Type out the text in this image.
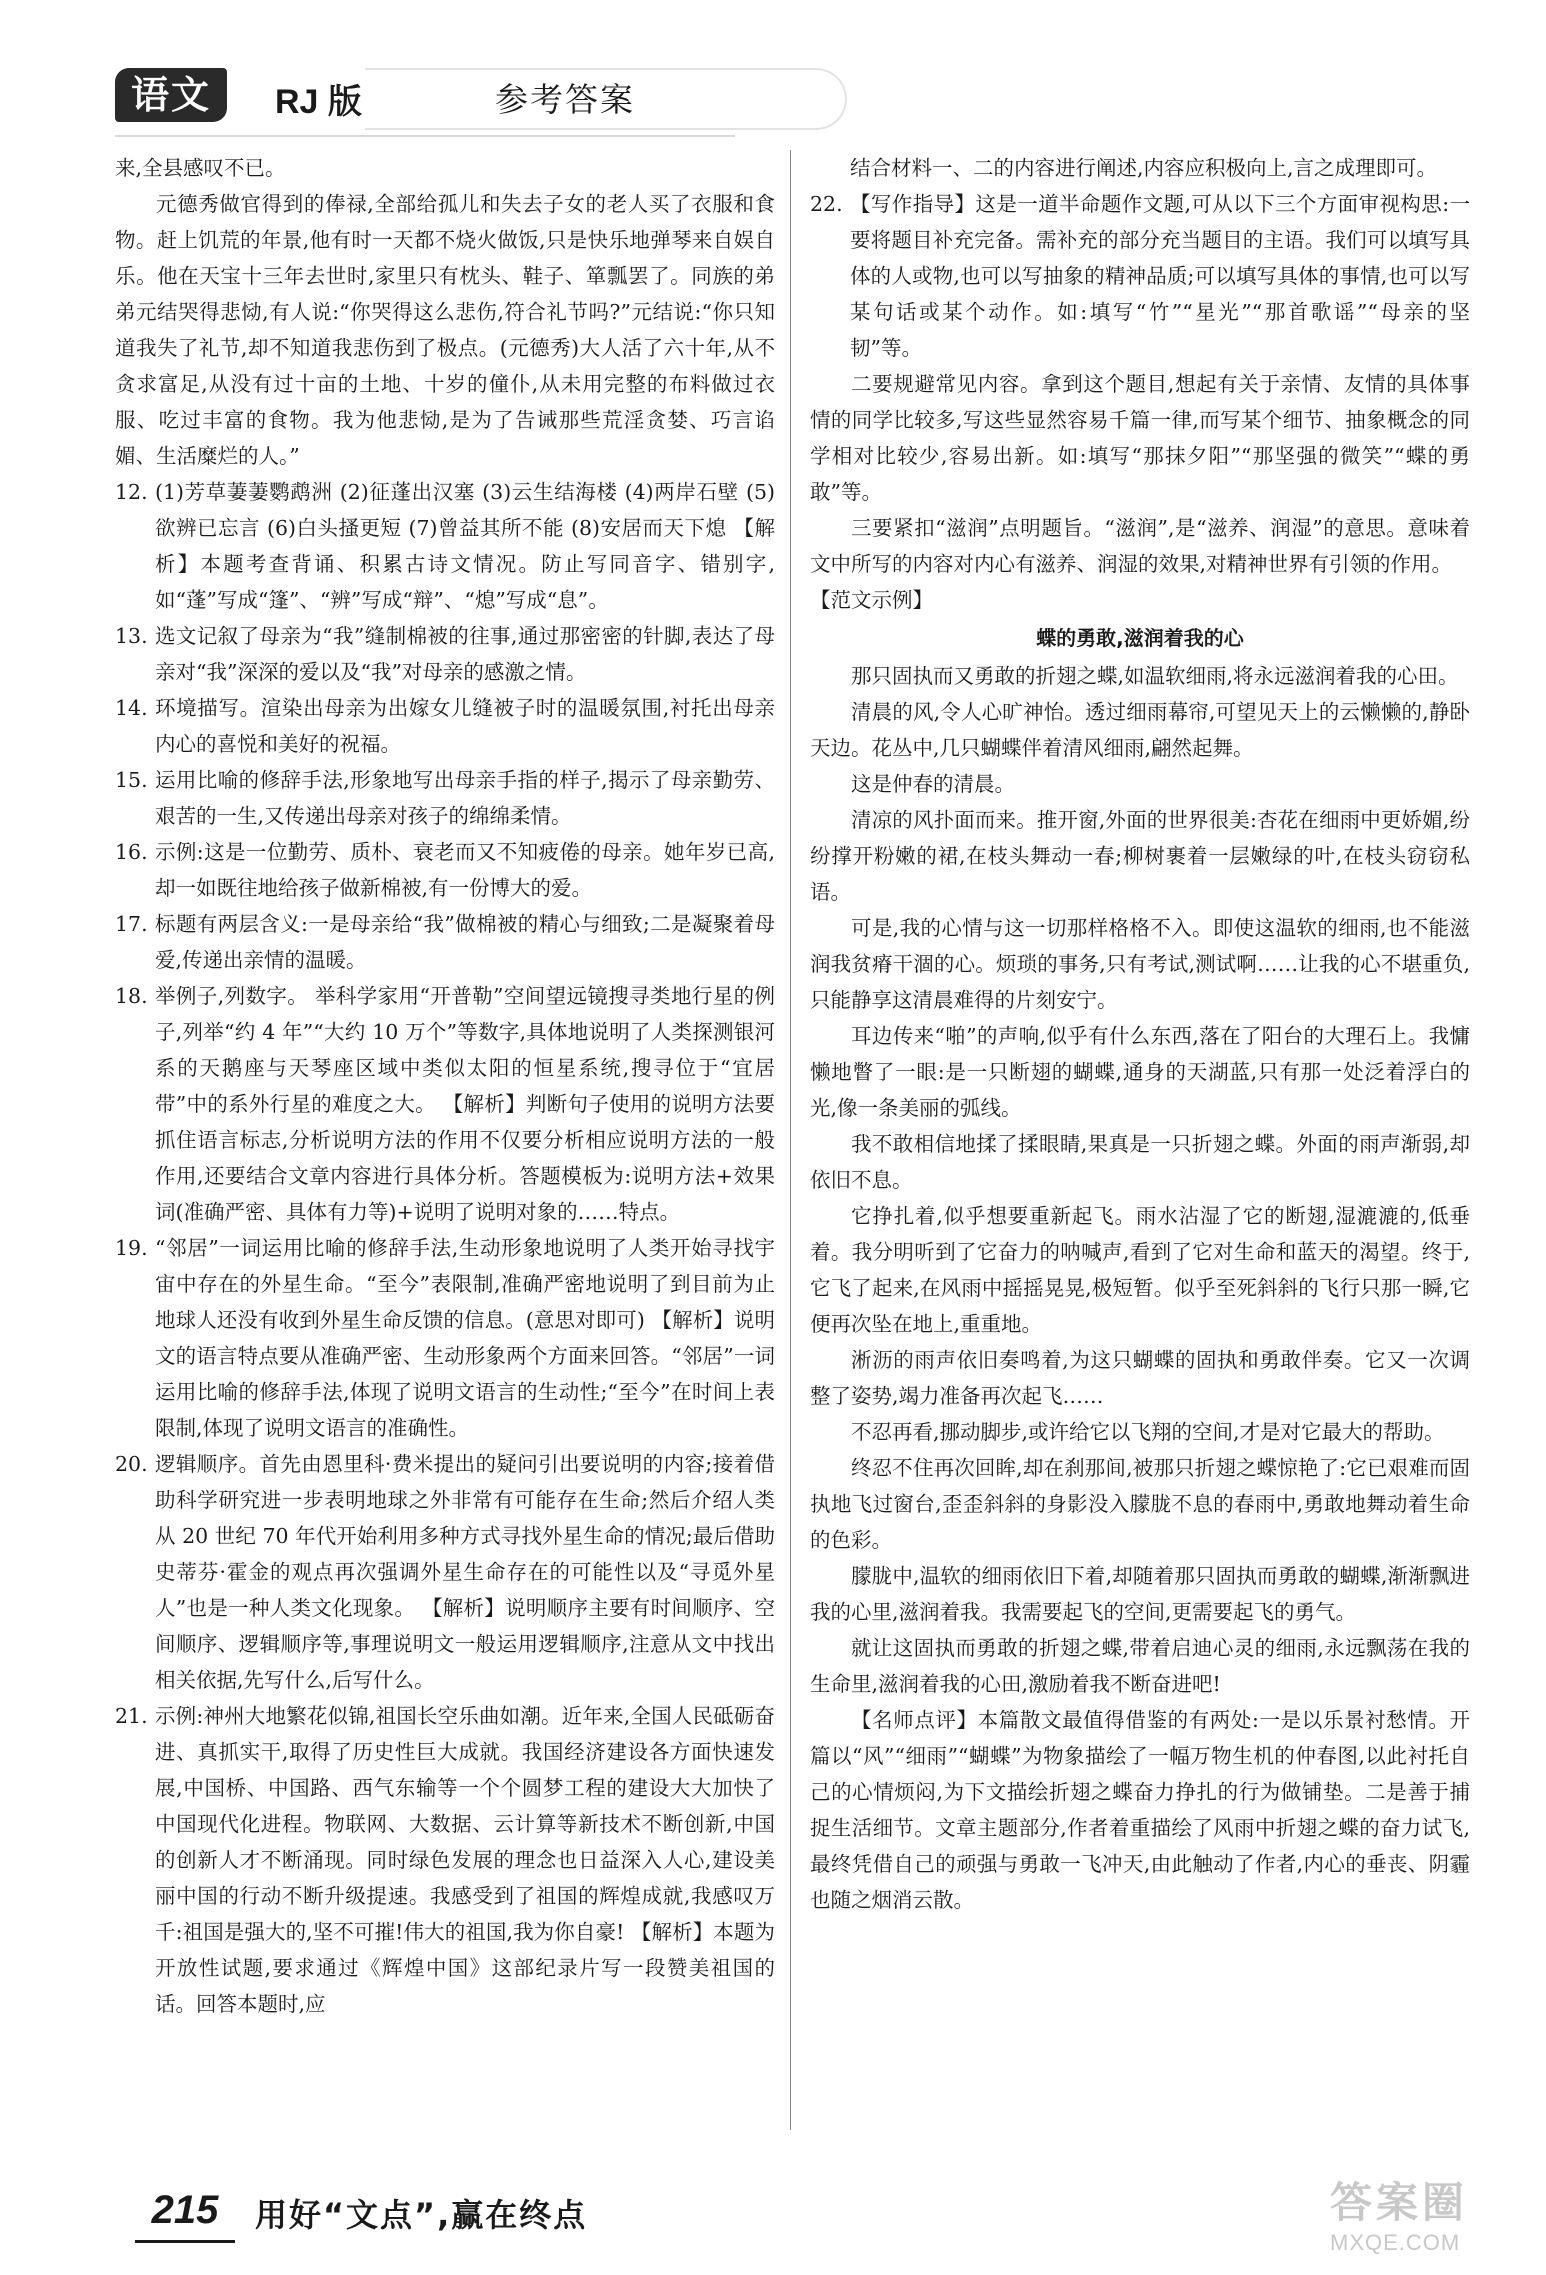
语文	RJ 版	参考答案

来,全县感叹不已。

元德秀做官得到的俸禄,全部给孤儿和失去子女的老人买了衣服和食物。赶上饥荒的年景,他有时一天都不烧火做饭,只是快乐地弹琴来自娱自乐。他在天宝十三年去世时,家里只有枕头、鞋子、箪瓢罢了。同族的弟弟元结哭得悲恸,有人说:“你哭得这么悲伤,符合礼节吗?”元结说:“你只知道我失了礼节,却不知道我悲伤到了极点。(元德秀)大人活了六十年,从不贪求富足,从没有过十亩的土地、十岁的僮仆,从未用完整的布料做过衣服、吃过丰富的食物。我为他悲恸,是为了告诫那些荒淫贪婪、巧言谄媚、生活糜烂的人。”

12. (1)芳草萋萋鹦鹉洲 (2)征蓬出汉塞 (3)云生结海楼 (4)两岸石壁 (5)欲辨已忘言 (6)白头搔更短 (7)曾益其所不能 (8)安居而天下熄 【解析】本题考查背诵、积累古诗文情况。防止写同音字、错别字,如“蓬”写成“篷”、“辨”写成“辩”、“熄”写成“息”。
13. 选文记叙了母亲为“我”缝制棉被的往事,通过那密密的针脚,表达了母亲对“我”深深的爱以及“我”对母亲的感激之情。
14. 环境描写。渲染出母亲为出嫁女儿缝被子时的温暖氛围,衬托出母亲内心的喜悦和美好的祝福。
15. 运用比喻的修辞手法,形象地写出母亲手指的样子,揭示了母亲勤劳、艰苦的一生,又传递出母亲对孩子的绵绵柔情。
16. 示例:这是一位勤劳、质朴、衰老而又不知疲倦的母亲。她年岁已高,却一如既往地给孩子做新棉被,有一份博大的爱。
17. 标题有两层含义:一是母亲给“我”做棉被的精心与细致;二是凝聚着母爱,传递出亲情的温暖。
18. 举例子,列数字。 举科学家用“开普勒”空间望远镜搜寻类地行星的例子,列举“约 4 年”“大约 10 万个”等数字,具体地说明了人类探测银河系的天鹅座与天琴座区域中类似太阳的恒星系统,搜寻位于“宜居带”中的系外行星的难度之大。 【解析】判断句子使用的说明方法要抓住语言标志,分析说明方法的作用不仅要分析相应说明方法的一般作用,还要结合文章内容进行具体分析。答题模板为:说明方法+效果词(准确严密、具体有力等)+说明了说明对象的……特点。
19. “邻居”一词运用比喻的修辞手法,生动形象地说明了人类开始寻找宇宙中存在的外星生命。“至今”表限制,准确严密地说明了到目前为止地球人还没有收到外星生命反馈的信息。(意思对即可) 【解析】说明文的语言特点要从准确严密、生动形象两个方面来回答。“邻居”一词运用比喻的修辞手法,体现了说明文语言的生动性;“至今”在时间上表限制,体现了说明文语言的准确性。
20. 逻辑顺序。首先由恩里科·费米提出的疑问引出要说明的内容;接着借助科学研究进一步表明地球之外非常有可能存在生命;然后介绍人类从 20 世纪 70 年代开始利用多种方式寻找外星生命的情况;最后借助史蒂芬·霍金的观点再次强调外星生命存在的可能性以及“寻觅外星人”也是一种人类文化现象。 【解析】说明顺序主要有时间顺序、空间顺序、逻辑顺序等,事理说明文一般运用逻辑顺序,注意从文中找出相关依据,先写什么,后写什么。
21. 示例:神州大地繁花似锦,祖国长空乐曲如潮。近年来,全国人民砥砺奋进、真抓实干,取得了历史性巨大成就。我国经济建设各方面快速发展,中国桥、中国路、西气东输等一个个圆梦工程的建设大大加快了中国现代化进程。物联网、大数据、云计算等新技术不断创新,中国的创新人才不断涌现。同时绿色发展的理念也日益深入人心,建设美丽中国的行动不断升级提速。我感受到了祖国的辉煌成就,我感叹万千:祖国是强大的,坚不可摧!伟大的祖国,我为你自豪! 【解析】本题为开放性试题,要求通过《辉煌中国》这部纪录片写一段赞美祖国的话。回答本题时,应

结合材料一、二的内容进行阐述,内容应积极向上,言之成理即可。

22. 【写作指导】这是一道半命题作文题,可从以下三个方面审视构思:一要将题目补充完备。需补充的部分充当题目的主语。我们可以填写具体的人或物,也可以写抽象的精神品质;可以填写具体的事情,也可以写某句话或某个动作。如:填写“竹”“星光”“那首歌谣”“母亲的坚韧”等。

二要规避常见内容。拿到这个题目,想起有关于亲情、友情的具体事情的同学比较多,写这些显然容易千篇一律,而写某个细节、抽象概念的同学相对比较少,容易出新。如:填写“那抹夕阳”“那坚强的微笑”“蝶的勇敢”等。

三要紧扣“滋润”点明题旨。“滋润”,是“滋养、润湿”的意思。意味着文中所写的内容对内心有滋养、润湿的效果,对精神世界有引领的作用。

【范文示例】

蝶的勇敢,滋润着我的心

那只固执而又勇敢的折翅之蝶,如温软细雨,将永远滋润着我的心田。

清晨的风,令人心旷神怡。透过细雨幕帘,可望见天上的云懒懒的,静卧天边。花丛中,几只蝴蝶伴着清风细雨,翩然起舞。

这是仲春的清晨。

清凉的风扑面而来。推开窗,外面的世界很美:杏花在细雨中更娇媚,纷纷撑开粉嫩的裙,在枝头舞动一春;柳树裹着一层嫩绿的叶,在枝头窃窃私语。

可是,我的心情与这一切那样格格不入。即使这温软的细雨,也不能滋润我贫瘠干涸的心。烦琐的事务,只有考试,测试啊……让我的心不堪重负,只能静享这清晨难得的片刻安宁。

耳边传来“啪”的声响,似乎有什么东西,落在了阳台的大理石上。我慵懒地瞥了一眼:是一只断翅的蝴蝶,通身的天湖蓝,只有那一处泛着浮白的光,像一条美丽的弧线。

我不敢相信地揉了揉眼睛,果真是一只折翅之蝶。外面的雨声渐弱,却依旧不息。

它挣扎着,似乎想要重新起飞。雨水沾湿了它的断翅,湿漉漉的,低垂着。我分明听到了它奋力的呐喊声,看到了它对生命和蓝天的渴望。终于,它飞了起来,在风雨中摇摇晃晃,极短暂。似乎至死斜斜的飞行只那一瞬,它便再次坠在地上,重重地。

淅沥的雨声依旧奏鸣着,为这只蝴蝶的固执和勇敢伴奏。它又一次调整了姿势,竭力准备再次起飞……

不忍再看,挪动脚步,或许给它以飞翔的空间,才是对它最大的帮助。

终忍不住再次回眸,却在刹那间,被那只折翅之蝶惊艳了:它已艰难而固执地飞过窗台,歪歪斜斜的身影没入朦胧不息的春雨中,勇敢地舞动着生命的色彩。

朦胧中,温软的细雨依旧下着,却随着那只固执而勇敢的蝴蝶,渐渐飘进我的心里,滋润着我。我需要起飞的空间,更需要起飞的勇气。

就让这固执而勇敢的折翅之蝶,带着启迪心灵的细雨,永远飘荡在我的生命里,滋润着我的心田,激励着我不断奋进吧!

【名师点评】本篇散文最值得借鉴的有两处:一是以乐景衬愁情。开篇以“风”“细雨”“蝴蝶”为物象描绘了一幅万物生机的仲春图,以此衬托自己的心情烦闷,为下文描绘折翅之蝶奋力挣扎的行为做铺垫。二是善于捕捉生活细节。文章主题部分,作者着重描绘了风雨中折翅之蝶的奋力试飞,最终凭借自己的顽强与勇敢一飞冲天,由此触动了作者,内心的垂丧、阴霾也随之烟消云散。

215	用好“文点”,赢在终点	答案圈
MXQE.COM
